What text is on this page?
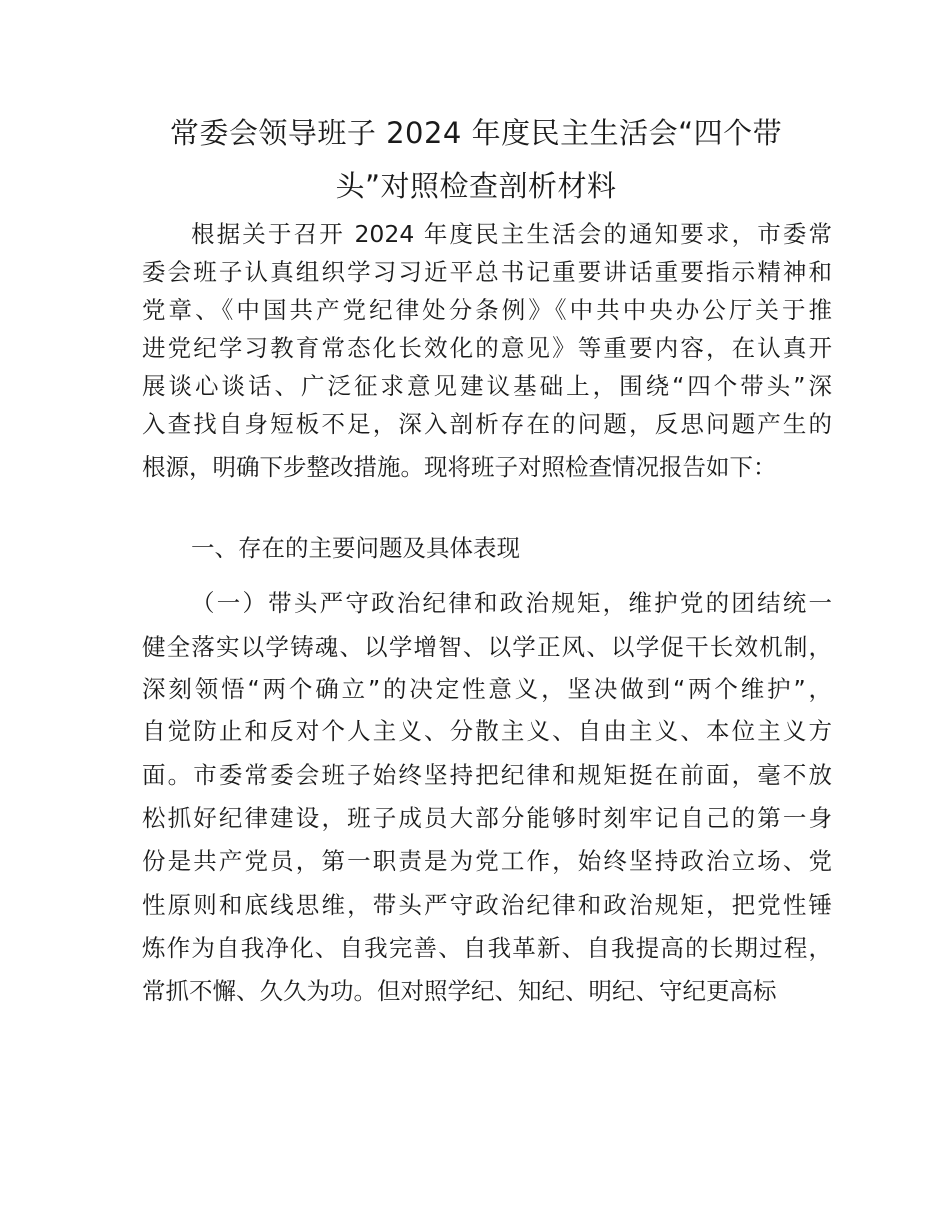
常委会领导班子 2024 年度民主生活会“四个带
头”对照检查剖析材料

根据关于召开 2024 年度民主生活会的通知要求，市委常

委会班子认真组织学习习近平总书记重要讲话重要指示精神和

党章、《中国共产党纪律处分条例》《中共中央办公厅关于推

进党纪学习教育常态化长效化的意见》等重要内容，在认真开

展谈心谈话、广泛征求意见建议基础上，围绕“四个带头”深

入查找自身短板不足，深入剖析存在的问题，反思问题产生的

根源，明确下步整改措施。现将班子对照检查情况报告如下：

一、存在的主要问题及具体表现

（一）带头严守政治纪律和政治规矩，维护党的团结统一

健全落实以学铸魂、以学增智、以学正风、以学促干长效机制，

深刻领悟“两个确立”的决定性意义，坚决做到“两个维护”，

自觉防止和反对个人主义、分散主义、自由主义、本位主义方

面。市委常委会班子始终坚持把纪律和规矩挺在前面，毫不放

松抓好纪律建设，班子成员大部分能够时刻牢记自己的第一身

份是共产党员，第一职责是为党工作，始终坚持政治立场、党

性原则和底线思维，带头严守政治纪律和政治规矩，把党性锤

炼作为自我净化、自我完善、自我革新、自我提高的长期过程，

常抓不懈、久久为功。但对照学纪、知纪、明纪、守纪更高标
